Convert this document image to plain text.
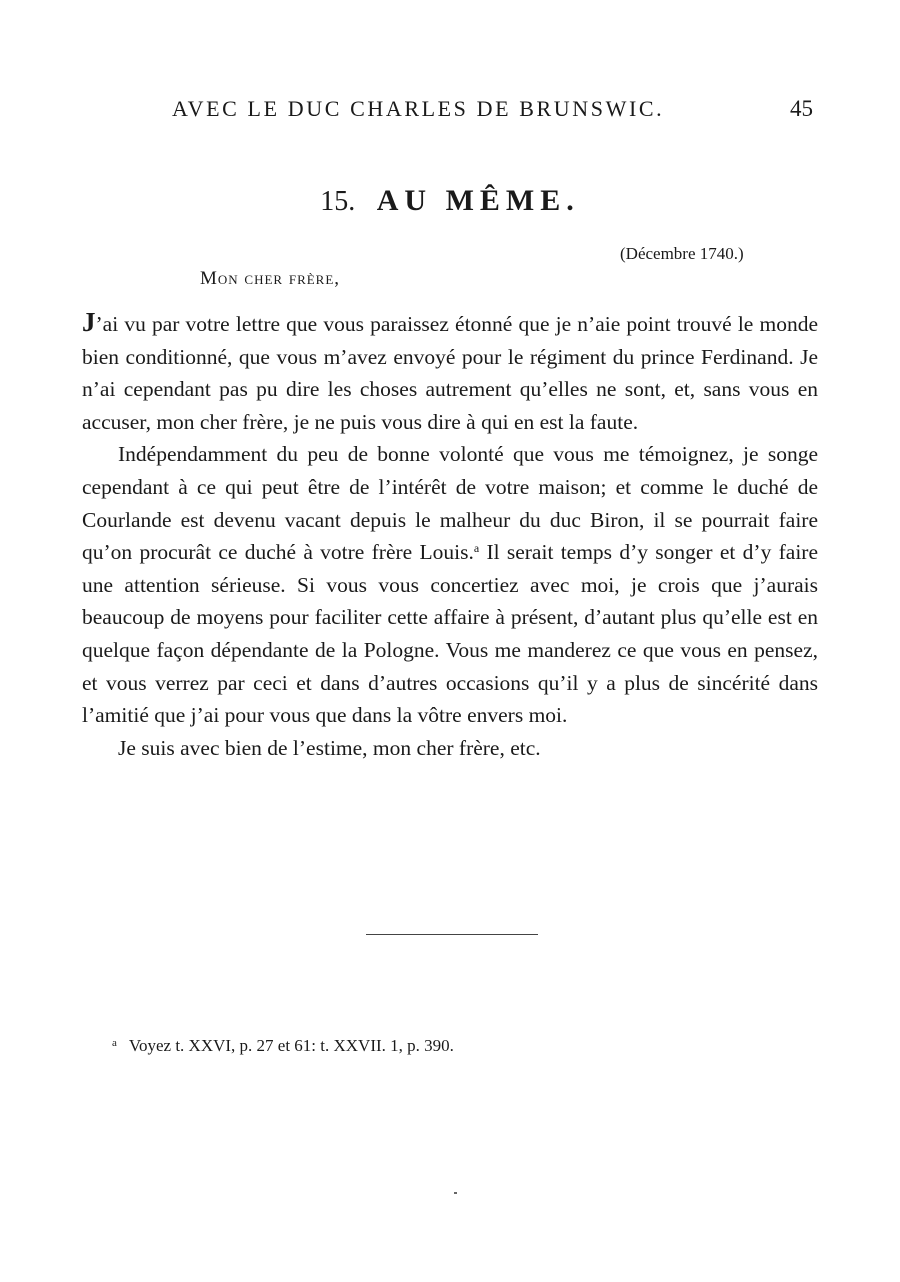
AVEC LE DUC CHARLES DE BRUNSWIC.	45
15. AU MÊME.
(Décembre 1740.)
Mon cher frère,

J’ai vu par votre lettre que vous paraissez étonné que je n’aie point trouvé le monde bien conditionné, que vous m’avez envoyé pour le régiment du prince Ferdinand. Je n’ai cependant pas pu dire les choses autrement qu’elles ne sont, et, sans vous en accuser, mon cher frère, je ne puis vous dire à qui en est la faute.

Indépendamment du peu de bonne volonté que vous me témoignez, je songe cependant à ce qui peut être de l’intérêt de votre maison; et comme le duché de Courlande est devenu vacant depuis le malheur du duc Biron, il se pourrait faire qu’on procurât ce duché à votre frère Louis.$^a$ Il serait temps d’y songer et d’y faire une attention sérieuse. Si vous vous concertiez avec moi, je crois que j’aurais beaucoup de moyens pour faciliter cette affaire à présent, d’autant plus qu’elle est en quelque façon dépendante de la Pologne. Vous me manderez ce que vous en pensez, et vous verrez par ceci et dans d’autres occasions qu’il y a plus de sincérité dans l’amitié que j’ai pour vous que dans la vôtre envers moi.

Je suis avec bien de l’estime, mon cher frère, etc.

$^a$ Voyez t. XXVI, p. 27 et 61: t. XXVII. 1, p. 390.
